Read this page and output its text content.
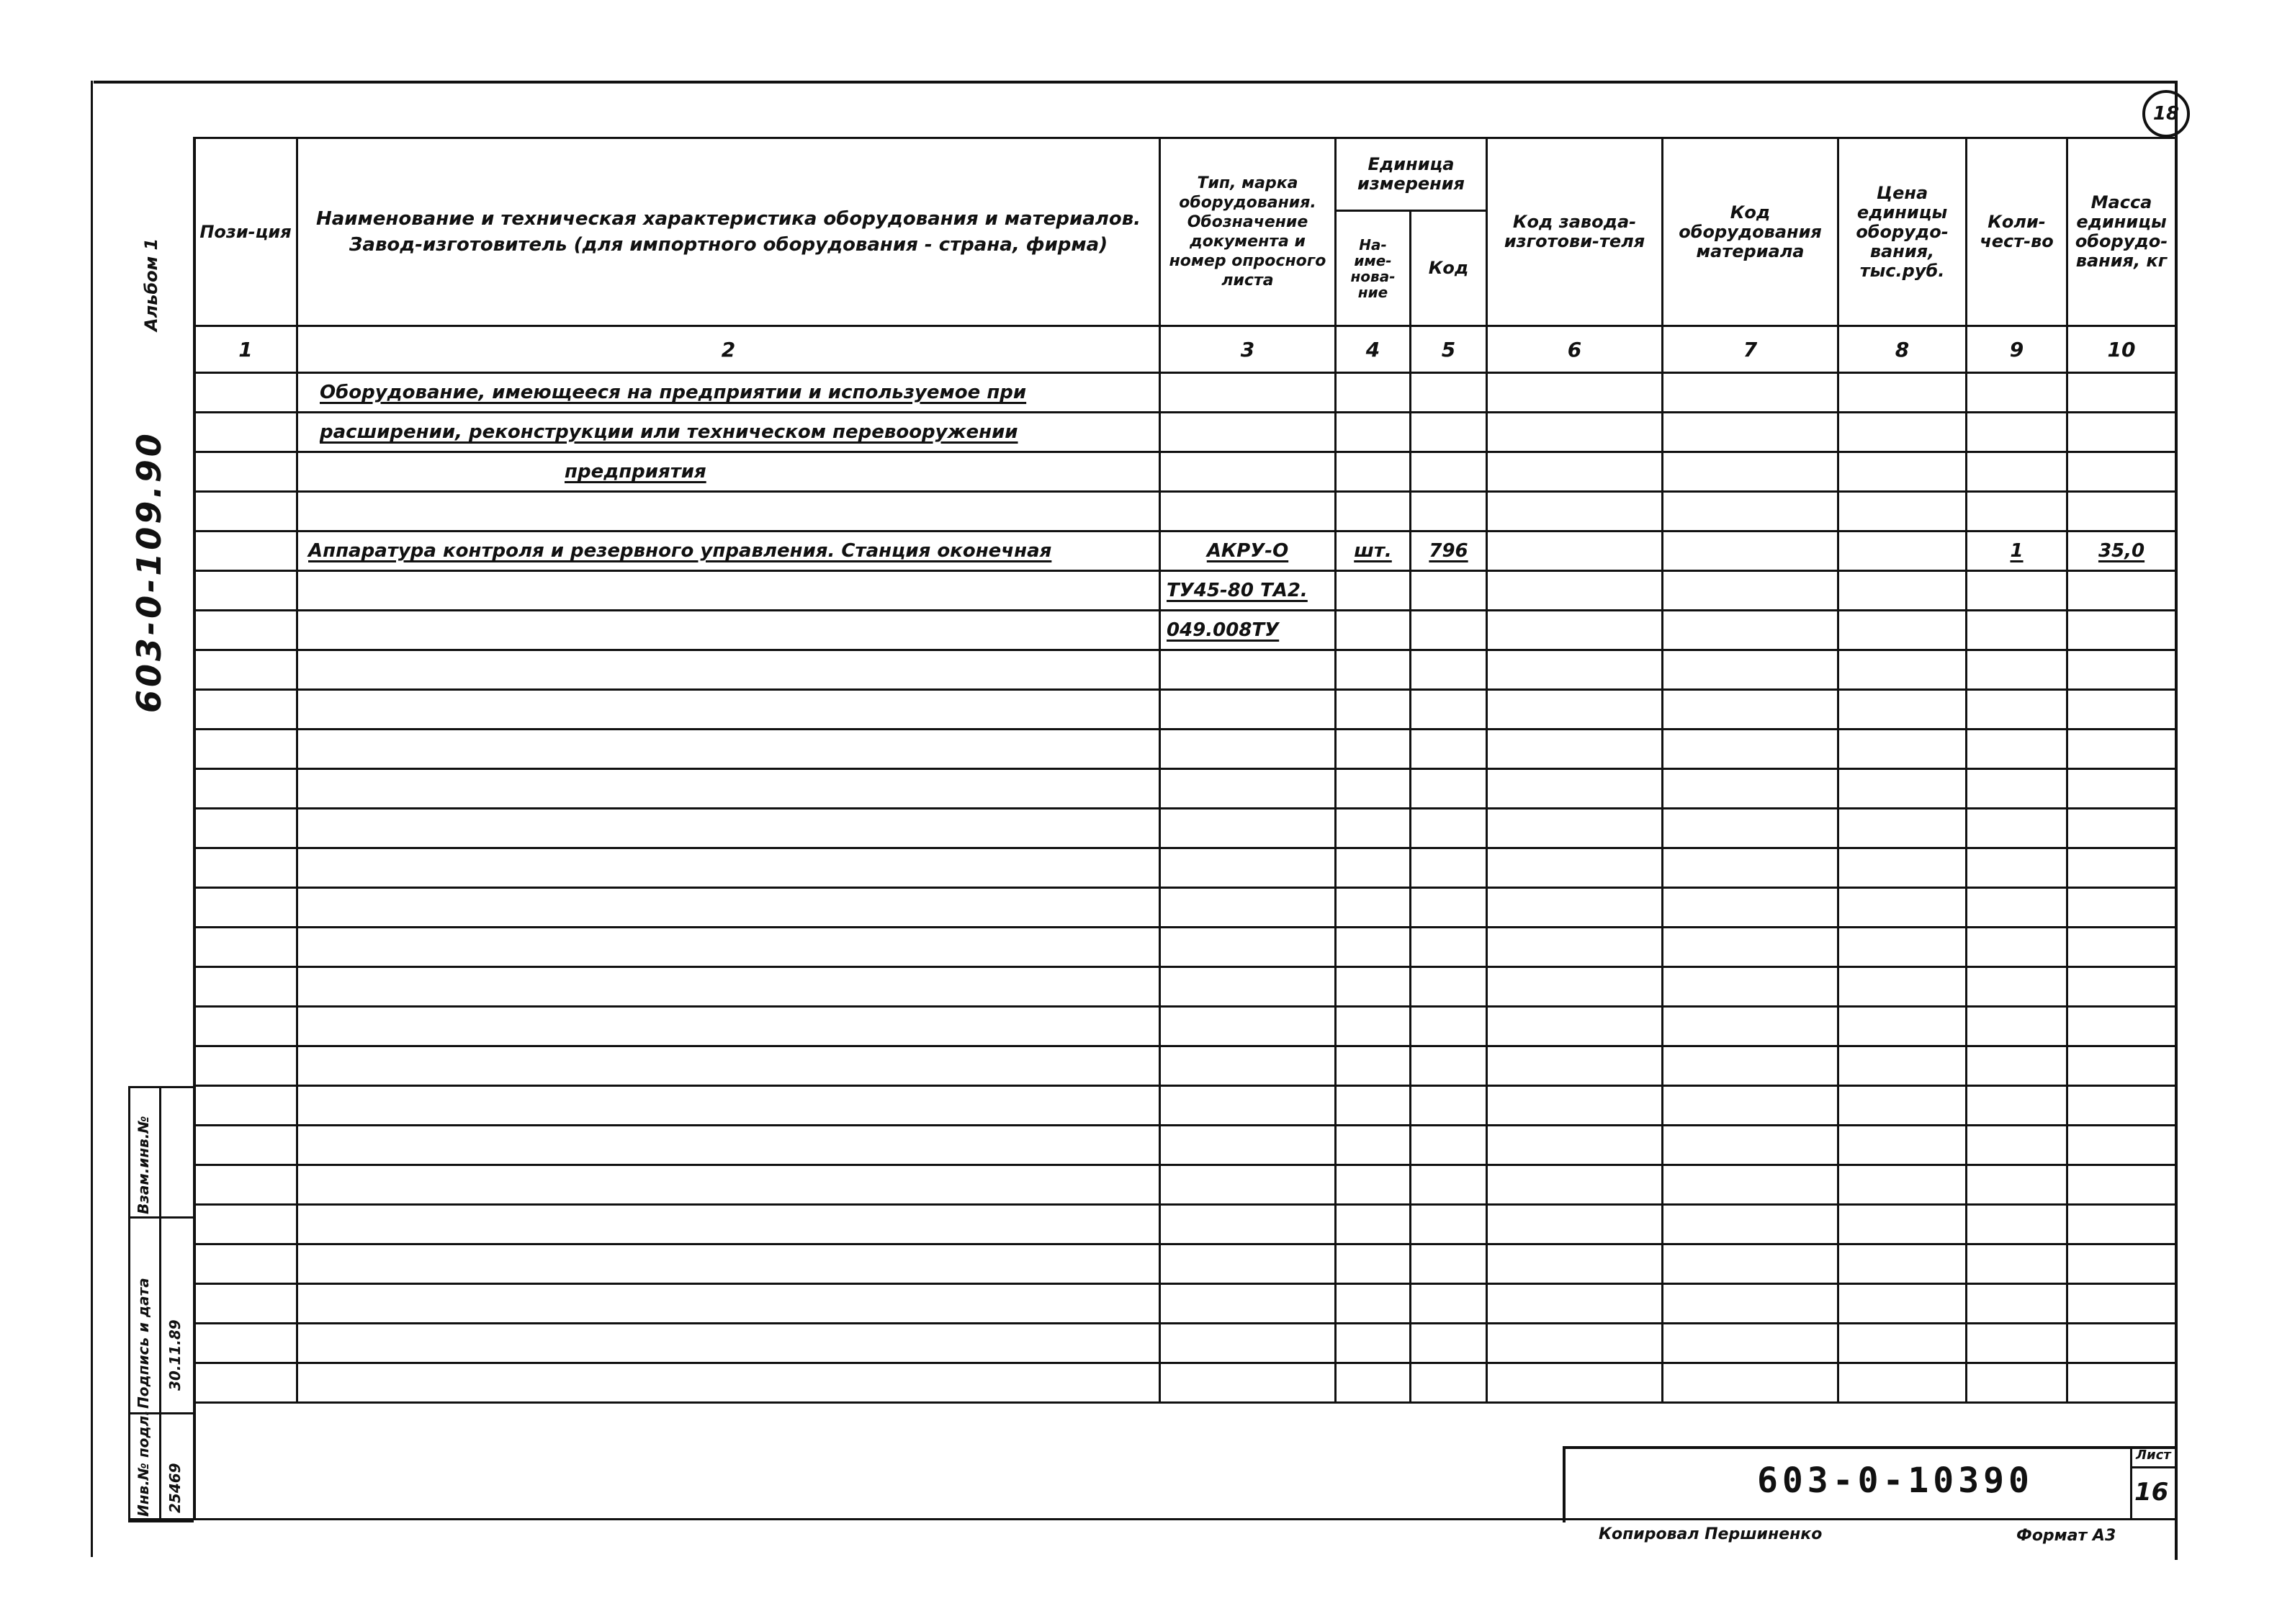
18
Альбом 1
603-0-109.90
Взам.инв.№
Подпись и дата
Инв.№ подл.
30.11.89
25469
Пози-ция	Наименование и техническая характеристика оборудования и материалов. Завод-изготовитель (для импортного оборудования - страна, фирма)	Тип, марка оборудования. Обозначение документа и номер опросного листа	Единица измерения		Код завода-изготови-теля	Код оборудования материала	Цена единицы оборудо-вания, тыс.руб.	Коли-чест-во	Масса единицы оборудо-вания, кг
			На-име-нова-ние	Код					
1	2	3	4	5	6	7	8	9	10
	Оборудование, имеющееся на предприятии и используемое при								
	расширении, реконструкции или техническом перевооружении								
	предприятия								

	Аппаратура контроля и резервного управления. Станция оконечная	АКРУ-О	шт.	796				1	35,0
		ТУ45-80 ТА2.							
		049.008ТУ							

603-0-10390
Лист
16
Копировал Першиненко	Формат А3
